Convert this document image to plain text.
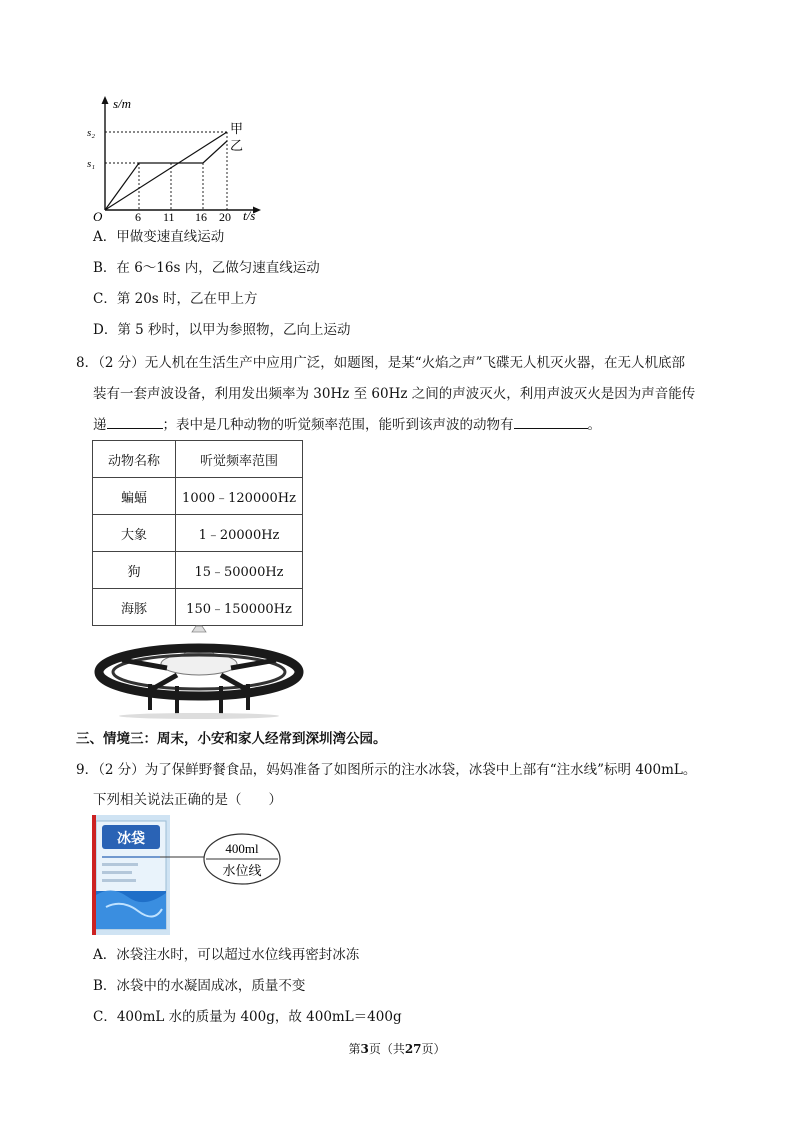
s/m
t/s
O
s₂
s₁
6 11 16 20
甲
乙
A．甲做变速直线运动
B．在 6～16s 内，乙做匀速直线运动
C．第 20s 时，乙在甲上方
D．第 5 秒时，以甲为参照物，乙向上运动
8．（2 分）无人机在生活生产中应用广泛，如题图，是某“火焰之声”飞碟无人机灭火器，在无人机底部
装有一套声波设备，利用发出频率为 30Hz 至 60Hz 之间的声波灭火，利用声波灭火是因为声音能传
递	；表中是几种动物的听觉频率范围，能听到该声波的动物有	。
动物名称	听觉频率范围
蝙蝠	1000﹣120000Hz
大象	1﹣20000Hz
狗	15﹣50000Hz
海豚	150﹣150000Hz
三、情境三：周末，小安和家人经常到深圳湾公园。
9．（2 分）为了保鲜野餐食品，妈妈准备了如图所示的注水冰袋，冰袋中上部有“注水线”标明 400mL。
下列相关说法正确的是（　　）
冰袋
400ml
水位线
A．冰袋注水时，可以超过水位线再密封冰冻
B．冰袋中的水凝固成冰，质量不变
C．400mL 水的质量为 400g，故 400mL＝400g
第3页（共27页）
